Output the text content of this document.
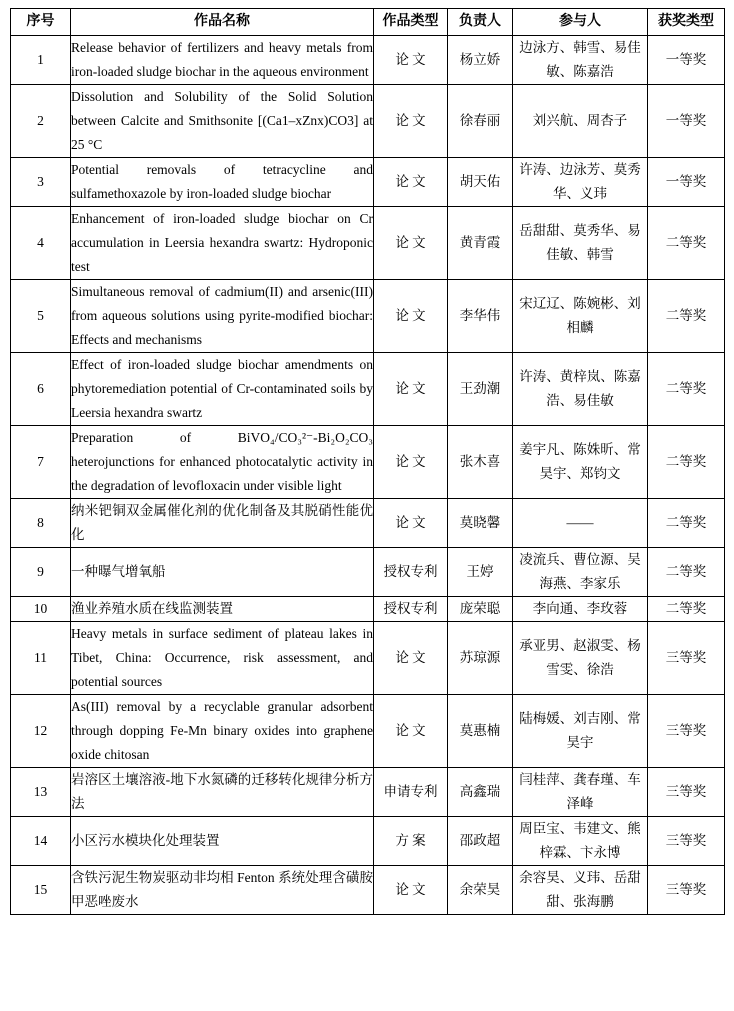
序号	作品名称	作品类型	负责人	参与人	获奖类型
1	Release behavior of fertilizers and heavy metals from iron-loaded sludge biochar in the aqueous environment	论 文	杨立娇	边泳方、韩雪、易佳敏、陈嘉浩	一等奖
2	Dissolution and Solubility of the Solid Solution between Calcite and Smithsonite [(Ca1–xZnx)CO3] at 25 °C	论 文	徐春丽	刘兴航、周杏子	一等奖
3	Potential removals of tetracycline and sulfamethoxazole by iron-loaded sludge biochar	论 文	胡天佑	许涛、边泳芳、莫秀华、义玮	一等奖
4	Enhancement of iron-loaded sludge biochar on Cr accumulation in Leersia hexandra swartz: Hydroponic test	论 文	黄青霞	岳甜甜、莫秀华、易佳敏、韩雪	二等奖
5	Simultaneous removal of cadmium(II) and arsenic(III) from aqueous solutions using pyrite-modified biochar: Effects and mechanisms	论 文	李华伟	宋辽辽、陈婉彬、刘相麟	二等奖
6	Effect of iron-loaded sludge biochar amendments on phytoremediation potential of Cr-contaminated soils by Leersia hexandra swartz	论 文	王劲潮	许涛、黄梓岚、陈嘉浩、易佳敏	二等奖
7	Preparation of BiVO₄/CO₃²⁻-Bi₂O₂CO₃ heterojunctions for enhanced photocatalytic activity in the degradation of levofloxacin under visible light	论 文	张木喜	姜宇凡、陈姝昕、常昊宇、郑钧文	二等奖
8	纳米钯铜双金属催化剂的优化制备及其脱硝性能优化	论 文	莫晓馨	——	二等奖
9	一种曝气增氧船	授权专利	王婷	凌流兵、曹位源、吴海燕、李家乐	二等奖
10	渔业养殖水质在线监测装置	授权专利	庞荣聪	李向通、李玫蓉	二等奖
11	Heavy metals in surface sediment of plateau lakes in Tibet, China: Occurrence, risk assessment, and potential sources	论 文	苏琼源	承亚男、赵淑雯、杨雪雯、徐浩	三等奖
12	As(III) removal by a recyclable granular adsorbent through dopping Fe-Mn binary oxides into graphene oxide chitosan	论 文	莫惠楠	陆梅媛、刘吉刚、常昊宇	三等奖
13	岩溶区土壤溶液-地下水氮磷的迁移转化规律分析方法	申请专利	高鑫瑞	闫桂萍、龚春瑾、车泽峰	三等奖
14	小区污水模块化处理装置	方 案	邵政超	周臣宝、韦建文、熊梓霖、卞永博	三等奖
15	含铁污泥生物炭驱动非均相 Fenton 系统处理含磺胺甲恶唑废水	论 文	余荣昊	余容昊、义玮、岳甜甜、张海鹏	三等奖
